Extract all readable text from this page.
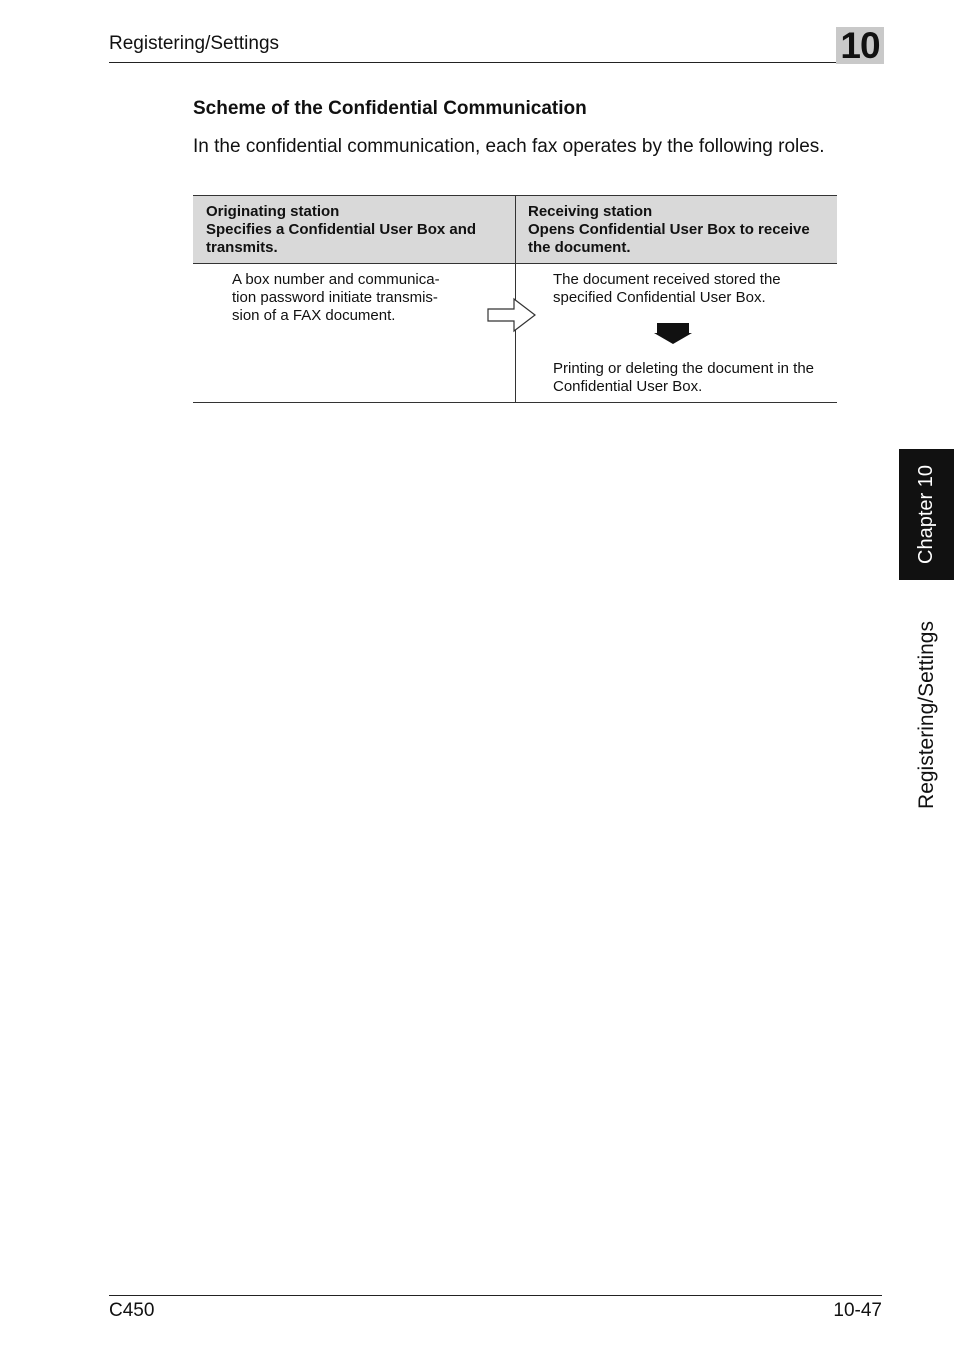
Registering/Settings	10
Scheme of the Confidential Communication
In the confidential communication, each fax operates by the following roles.
Originating station
Specifies a Confidential User Box and
transmits.
Receiving station
Opens Confidential User Box to receive
the document.
A box number and communica-
tion password initiate transmis-
sion of a FAX document.
The document received stored the
specified Confidential User Box.
Printing or deleting the document in the
Confidential User Box.
Chapter 10
Registering/Settings
C450	10-47
